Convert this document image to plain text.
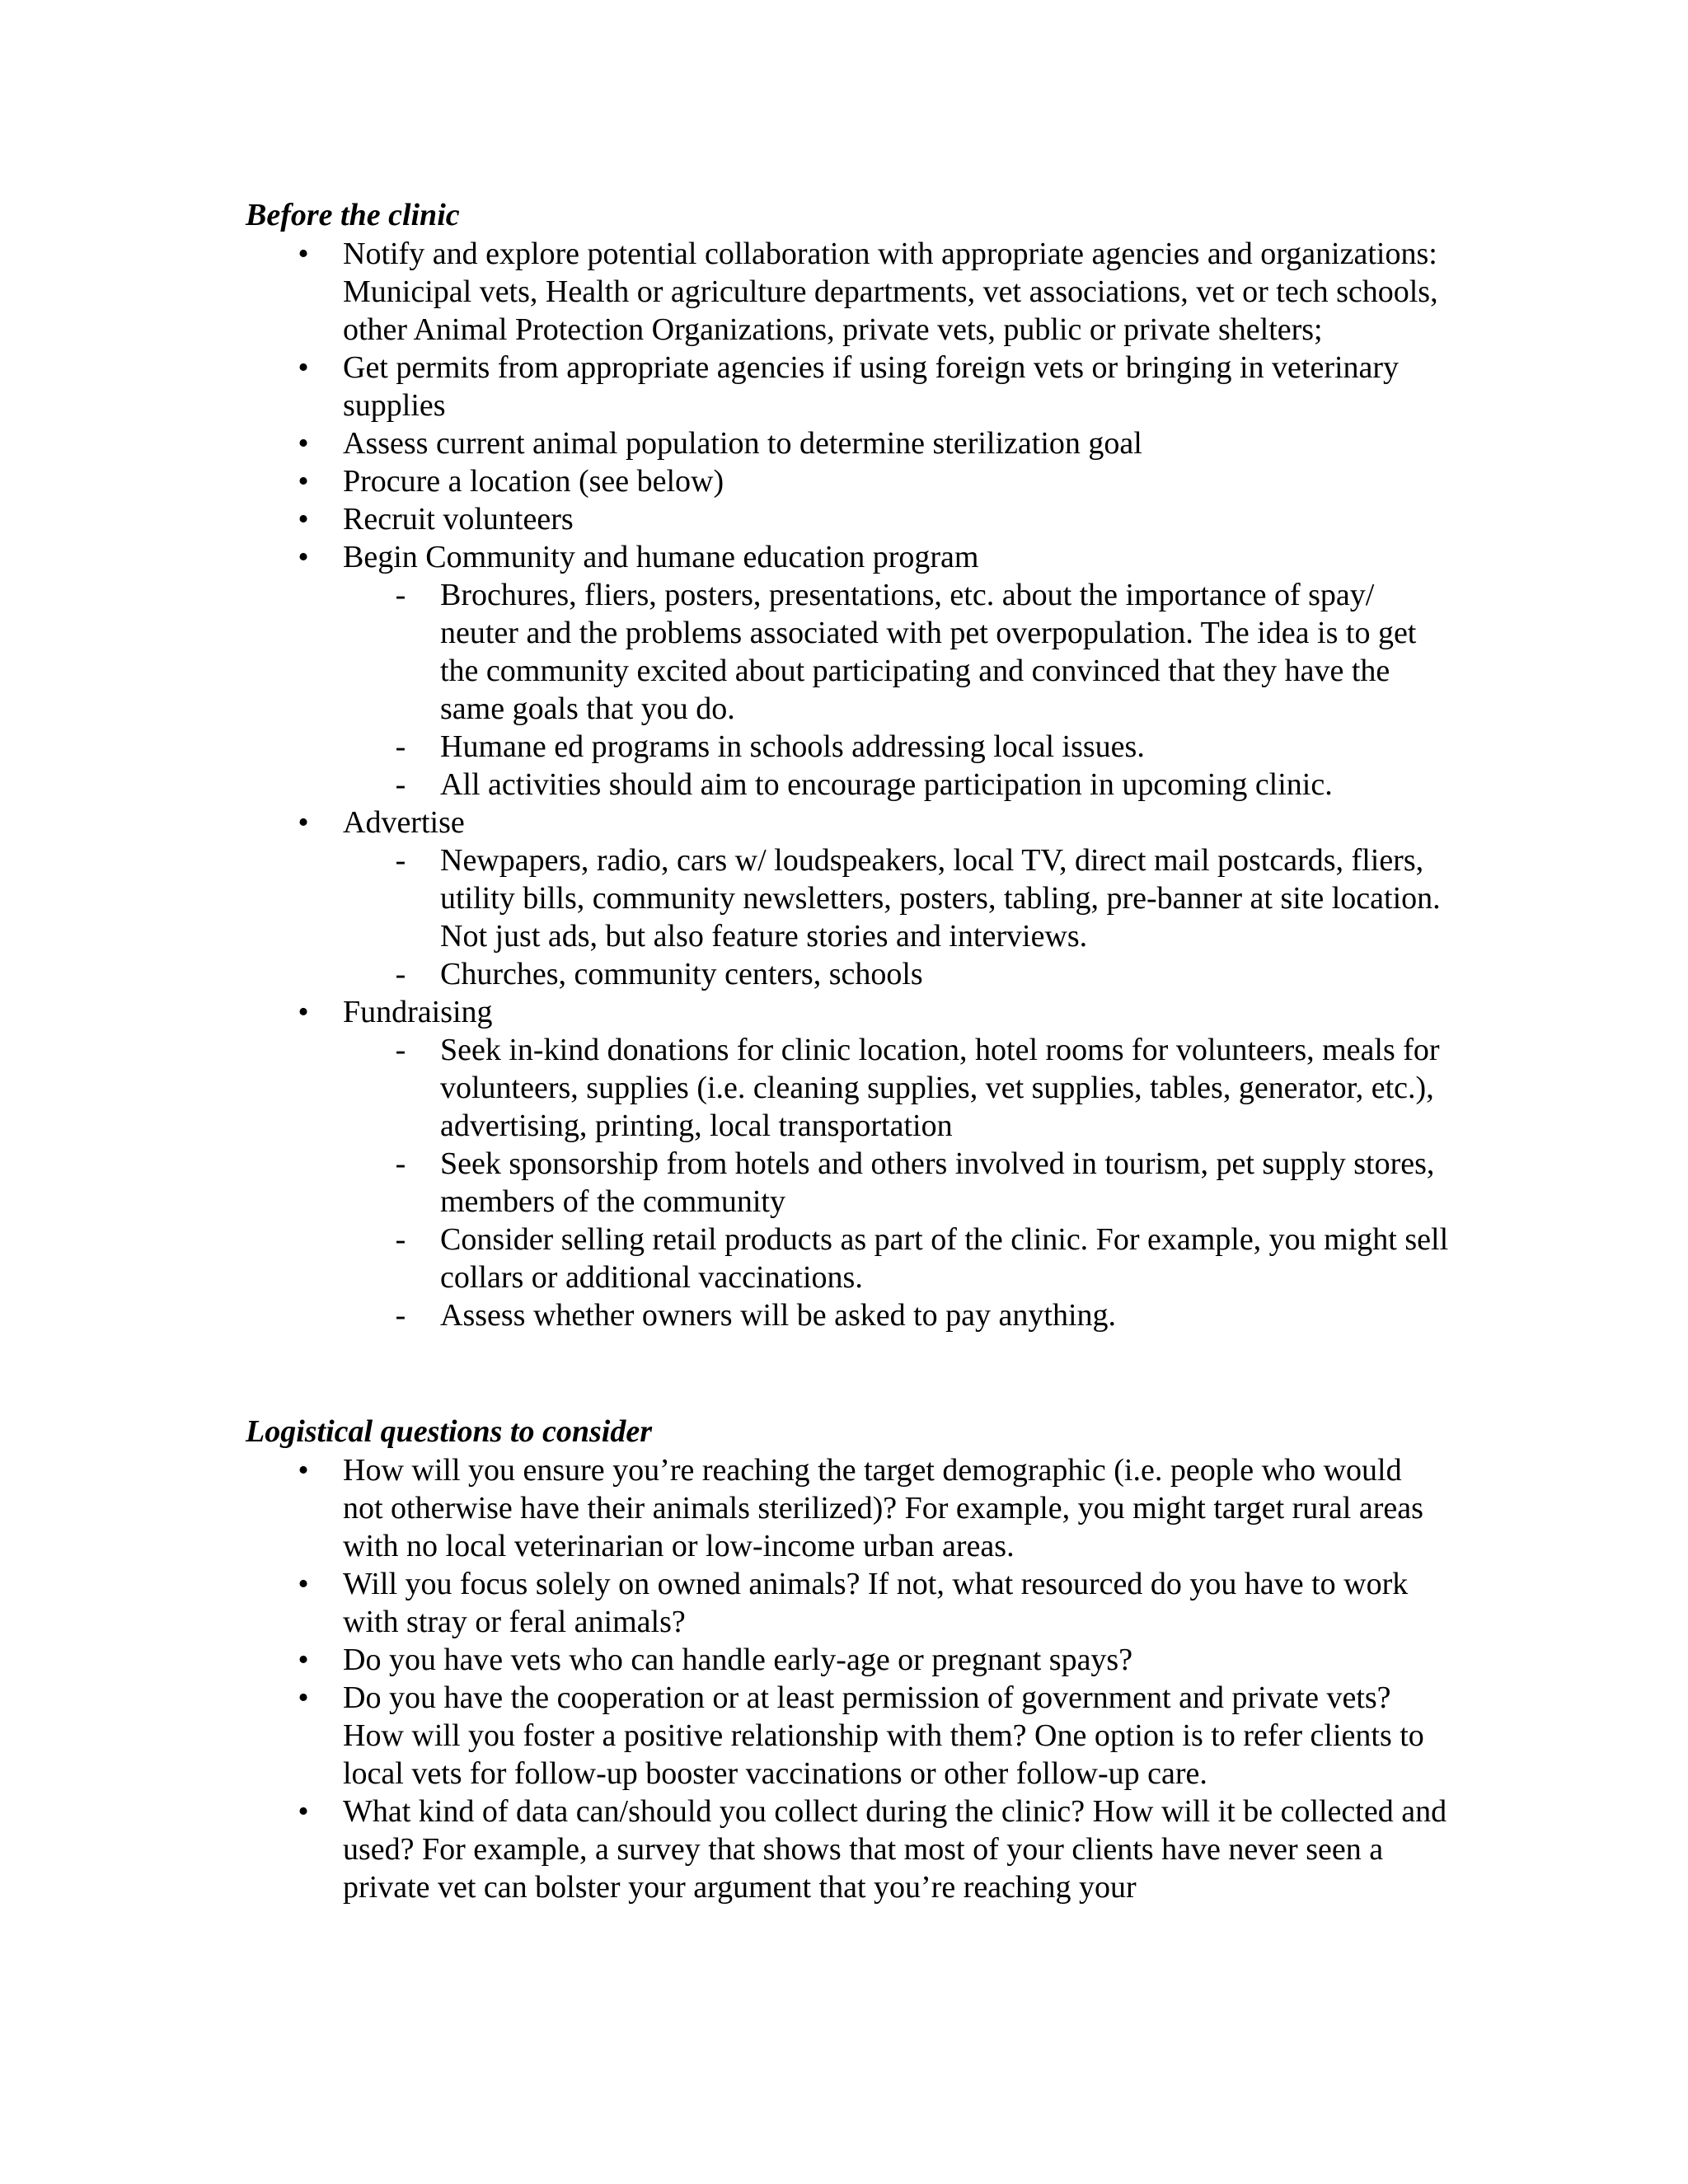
Before the clinic
• Notify and explore potential collaboration with appropriate agencies and organizations: Municipal vets, Health or agriculture departments, vet associations, vet or tech schools, other Animal Protection Organizations, private vets, public or private shelters;
• Get permits from appropriate agencies if using foreign vets or bringing in veterinary supplies
• Assess current animal population to determine sterilization goal
• Procure a location (see below)
• Recruit volunteers
• Begin Community and humane education program
- Brochures, fliers, posters, presentations, etc. about the importance of spay/ neuter and the problems associated with pet overpopulation. The idea is to get the community excited about participating and convinced that they have the same goals that you do.
- Humane ed programs in schools addressing local issues.
- All activities should aim to encourage participation in upcoming clinic.
• Advertise
- Newpapers, radio, cars w/ loudspeakers, local TV, direct mail postcards, fliers, utility bills, community newsletters, posters, tabling, pre-banner at site location. Not just ads, but also feature stories and interviews.
- Churches, community centers, schools
• Fundraising
- Seek in-kind donations for clinic location, hotel rooms for volunteers, meals for volunteers, supplies (i.e. cleaning supplies, vet supplies, tables, generator, etc.), advertising, printing, local transportation
- Seek sponsorship from hotels and others involved in tourism, pet supply stores, members of the community
- Consider selling retail products as part of the clinic. For example, you might sell collars or additional vaccinations.
- Assess whether owners will be asked to pay anything.
Logistical questions to consider
• How will you ensure you’re reaching the target demographic (i.e. people who would not otherwise have their animals sterilized)? For example, you might target rural areas with no local veterinarian or low-income urban areas.
• Will you focus solely on owned animals? If not, what resourced do you have to work with stray or feral animals?
• Do you have vets who can handle early-age or pregnant spays?
• Do you have the cooperation or at least permission of government and private vets? How will you foster a positive relationship with them? One option is to refer clients to local vets for follow-up booster vaccinations or other follow-up care.
• What kind of data can/should you collect during the clinic? How will it be collected and used? For example, a survey that shows that most of your clients have never seen a private vet can bolster your argument that you’re reaching your
